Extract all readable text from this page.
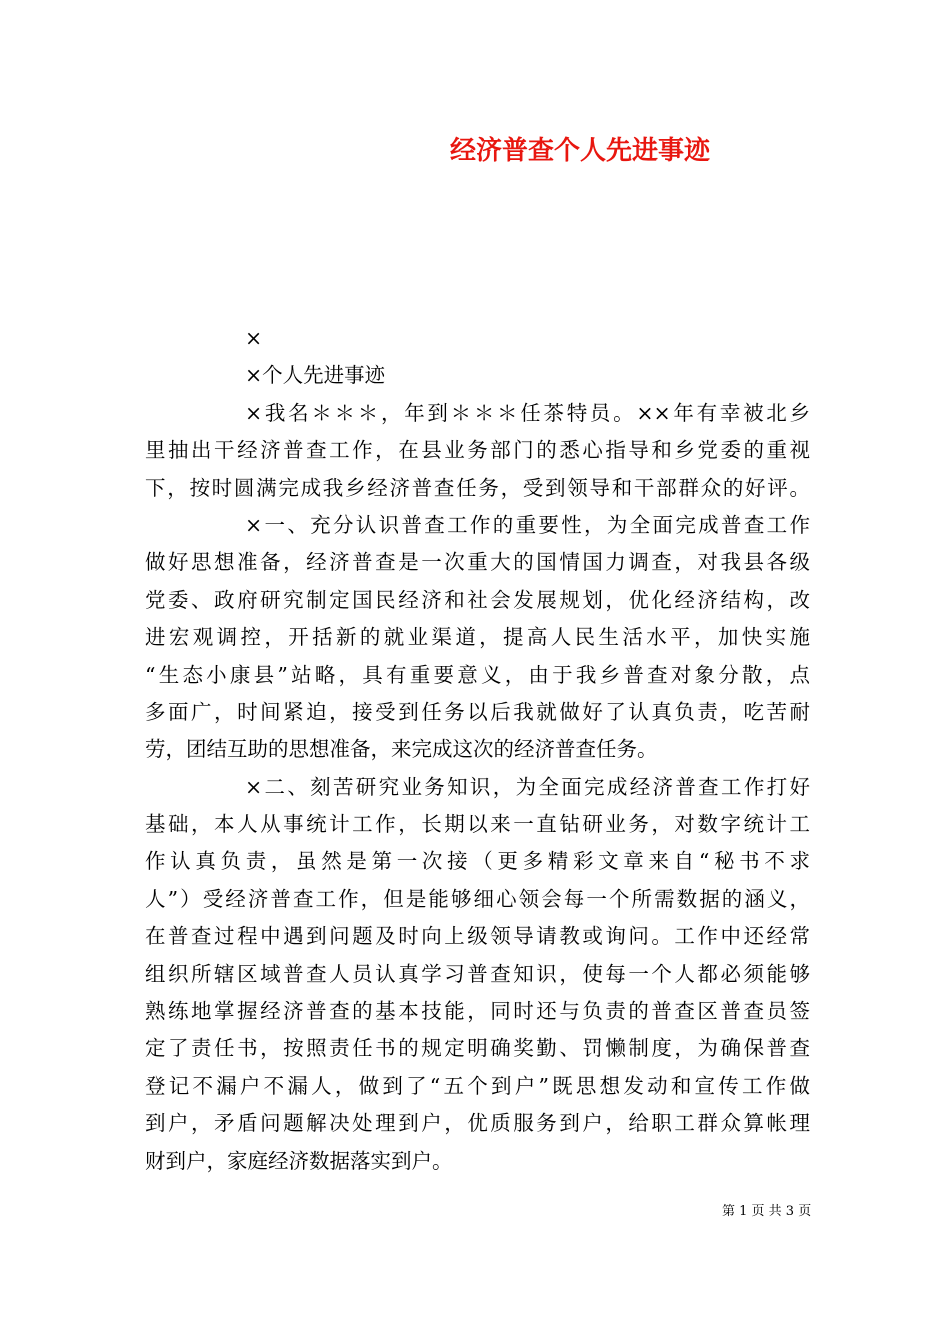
经济普查个人先进事迹
×
×个人先进事迹
×我名＊＊＊，年到＊＊＊任茶特员。××年有幸被北乡
里抽出干经济普查工作，在县业务部门的悉心指导和乡党委的重视
下，按时圆满完成我乡经济普查任务，受到领导和干部群众的好评。
×一、充分认识普查工作的重要性，为全面完成普查工作
做好思想准备，经济普查是一次重大的国情国力调查，对我县各级
党委、政府研究制定国民经济和社会发展规划，优化经济结构，改
进宏观调控，开括新的就业渠道，提高人民生活水平，加快实施
“生态小康县”站略，具有重要意义，由于我乡普查对象分散，点
多面广，时间紧迫，接受到任务以后我就做好了认真负责，吃苦耐
劳，团结互助的思想准备，来完成这次的经济普查任务。
×二、刻苦研究业务知识，为全面完成经济普查工作打好
基础，本人从事统计工作，长期以来一直钻研业务，对数字统计工
作认真负责，虽然是第一次接（更多精彩文章来自“秘书不求
人”）受经济普查工作，但是能够细心领会每一个所需数据的涵义，
在普查过程中遇到问题及时向上级领导请教或询问。工作中还经常
组织所辖区域普查人员认真学习普查知识，使每一个人都必须能够
熟练地掌握经济普查的基本技能，同时还与负责的普查区普查员签
定了责任书，按照责任书的规定明确奖勤、罚懒制度，为确保普查
登记不漏户不漏人，做到了“五个到户”既思想发动和宣传工作做
到户，矛盾问题解决处理到户，优质服务到户，给职工群众算帐理
财到户，家庭经济数据落实到户。
第 1 页 共 3 页
